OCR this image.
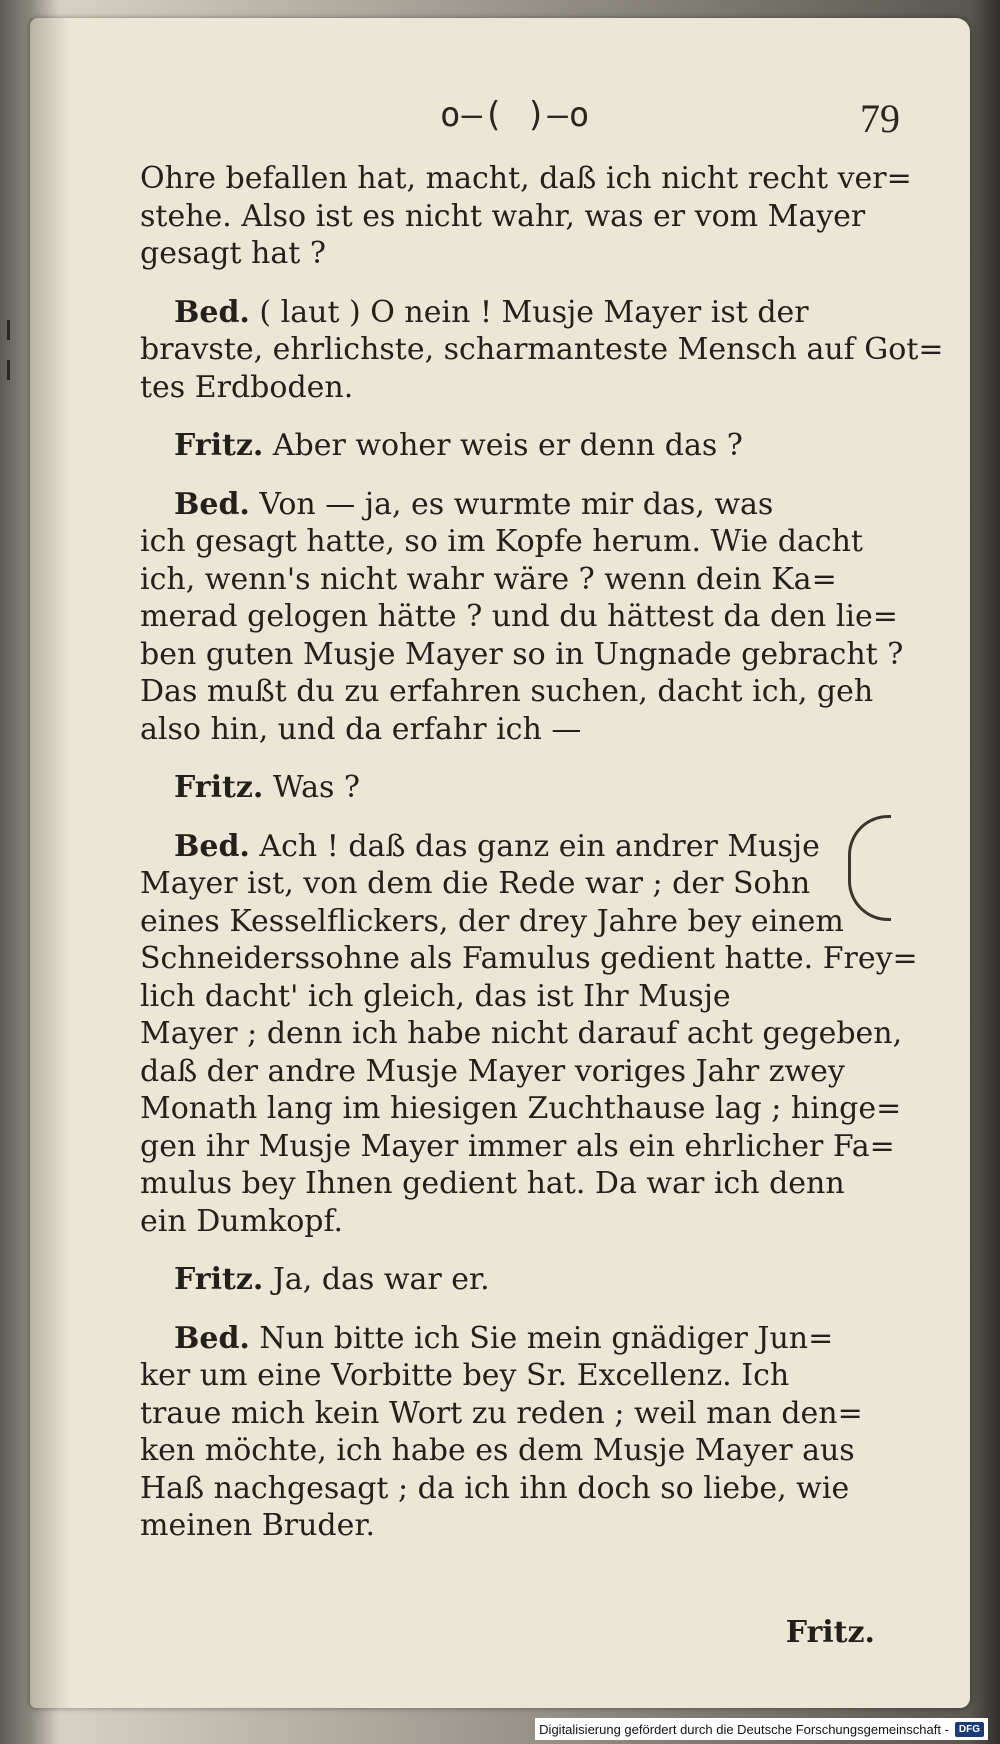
o—( )—o	79
Ohre befallen hat, macht, daß ich nicht recht ver=
stehe. Also ist es nicht wahr, was er vom Mayer
gesagt hat ?
Bed. ( laut ) O nein ! Musje Mayer ist der
bravste, ehrlichste, scharmanteste Mensch auf Got=
tes Erdboden.
Fritz. Aber woher weis er denn das ?
Bed. Von — ja, es wurmte mir das, was
ich gesagt hatte, so im Kopfe herum. Wie dacht
ich, wenn's nicht wahr wäre ? wenn dein Ka=
merad gelogen hätte ? und du hättest da den lie=
ben guten Musje Mayer so in Ungnade gebracht ?
Das mußt du zu erfahren suchen, dacht ich, geh
also hin, und da erfahr ich —
Fritz. Was ?
Bed. Ach ! daß das ganz ein andrer Musje
Mayer ist, von dem die Rede war ; der Sohn
eines Kesselflickers, der drey Jahre bey einem
Schneiderssohne als Famulus gedient hatte. Frey=
lich dacht' ich gleich, das ist Ihr Musje
Mayer ; denn ich habe nicht darauf acht gegeben,
daß der andre Musje Mayer voriges Jahr zwey
Monath lang im hiesigen Zuchthause lag ; hinge=
gen ihr Musje Mayer immer als ein ehrlicher Fa=
mulus bey Ihnen gedient hat. Da war ich denn
ein Dumkopf.
Fritz. Ja, das war er.
Bed. Nun bitte ich Sie mein gnädiger Jun=
ker um eine Vorbitte bey Sr. Excellenz. Ich
traue mich kein Wort zu reden ; weil man den=
ken möchte, ich habe es dem Musje Mayer aus
Haß nachgesagt ; da ich ihn doch so liebe, wie
meinen Bruder.
Fritz.
Digitalisierung gefördert durch die Deutsche Forschungsgemeinschaft -	DFG
